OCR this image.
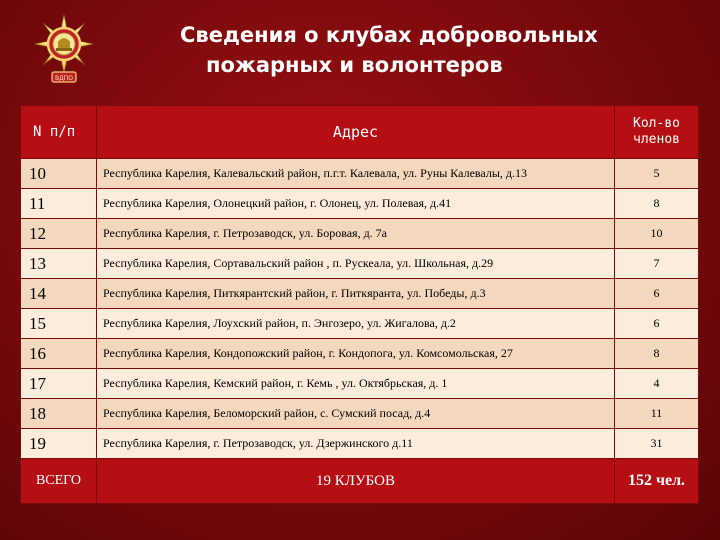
ВДПО
Сведения о клубах добровольных
пожарных и волонтеров
N п/п	Адрес	Кол-во членов
10	Республика Карелия, Калевальский район, п.г.т. Калевала, ул. Руны Калевалы, д.13	5
11	Республика Карелия, Олонецкий район, г. Олонец, ул. Полевая, д.41	8
12	Республика Карелия, г. Петрозаводск, ул. Боровая, д. 7а	10
13	Республика Карелия, Сортавальский район , п. Рускеала, ул. Школьная, д.29	7
14	Республика Карелия, Питкярантский район, г. Питкяранта, ул. Победы, д.3	6
15	Республика Карелия, Лоухский район, п. Энгозеро, ул. Жигалова, д.2	6
16	Республика Карелия, Кондопожский район, г. Кондопога, ул. Комсомольская, 27	8
17	Республика Карелия, Кемский район, г. Кемь , ул. Октябрьская, д. 1	4
18	Республика Карелия, Беломорский район, с. Сумский посад, д.4	11
19	Республика Карелия, г. Петрозаводск, ул. Дзержинского д.11	31
ВСЕГО	19 КЛУБОВ	152 чел.
